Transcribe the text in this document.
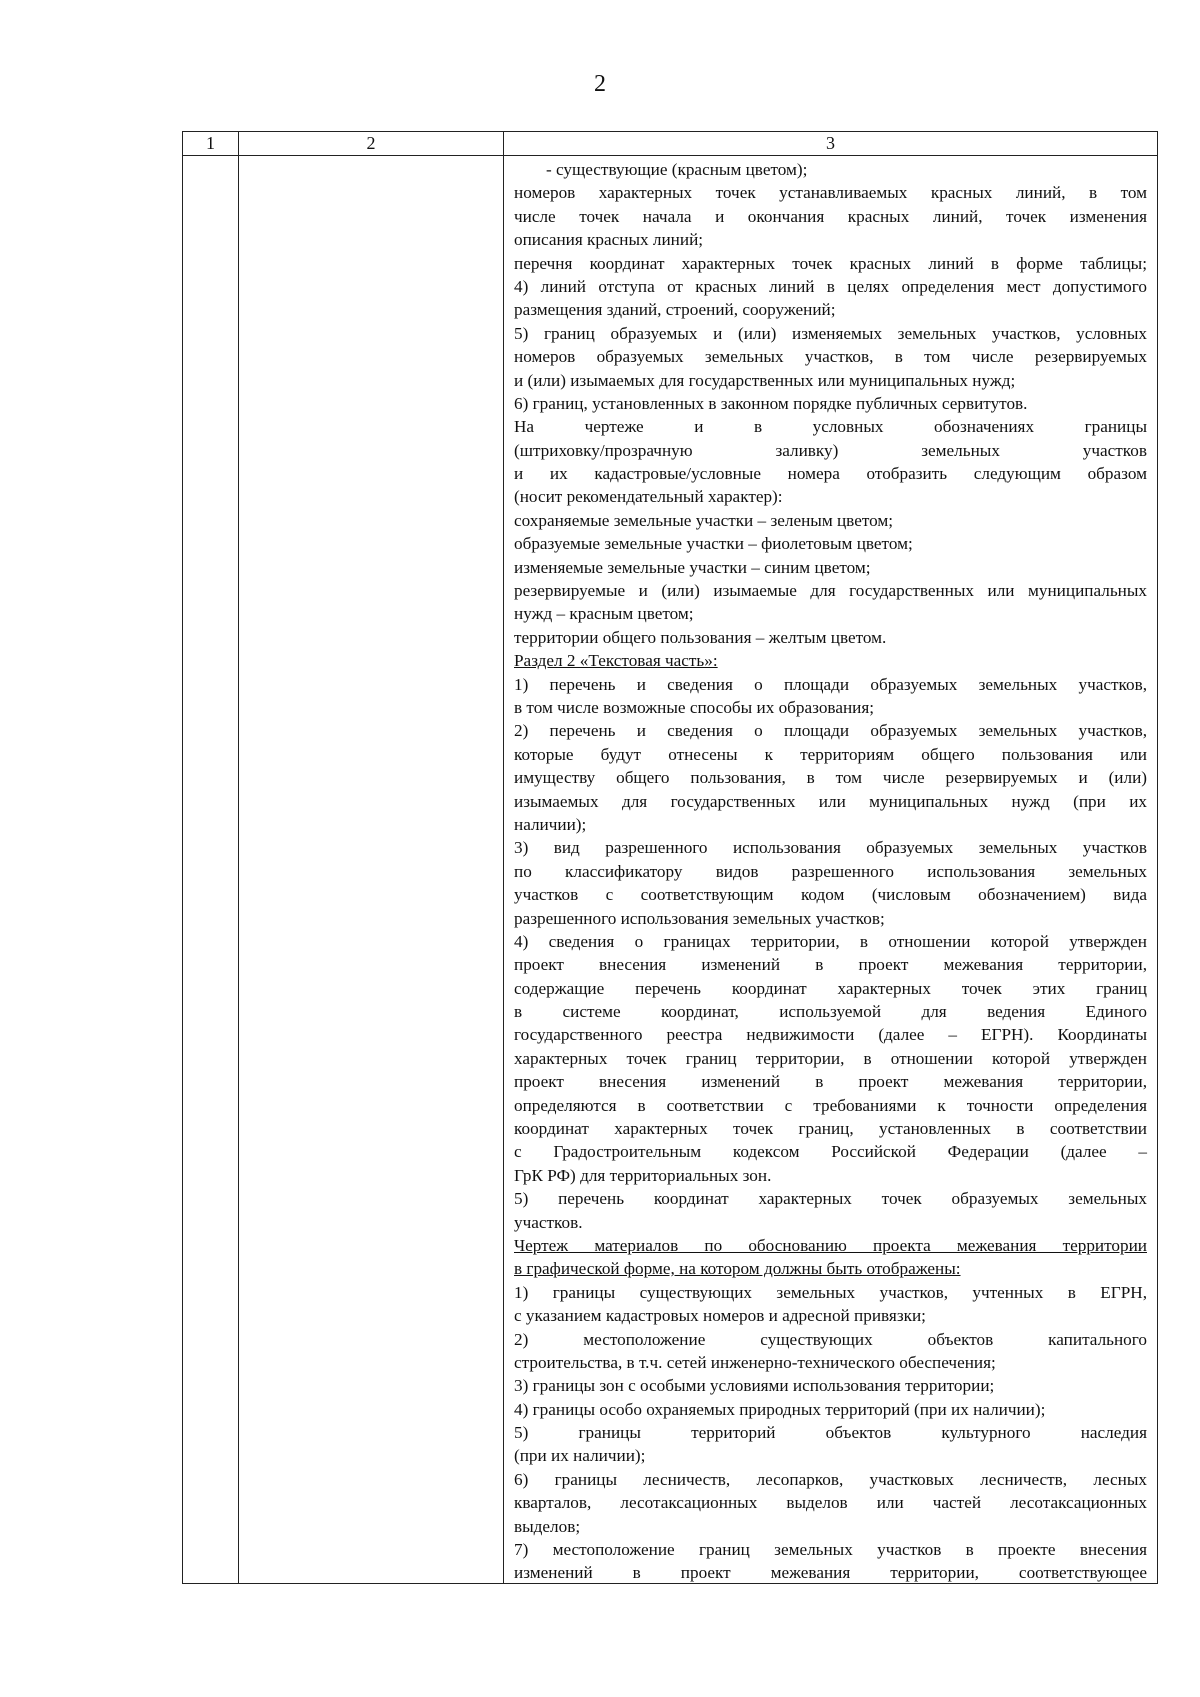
2
1	2	3
- существующие (красным цветом);
номеров характерных точек устанавливаемых красных линий, в том
числе точек начала и окончания красных линий, точек изменения
описания красных линий;
перечня координат характерных точек красных линий в форме таблицы;
4) линий отступа от красных линий в целях определения мест допустимого
размещения зданий, строений, сооружений;
5) границ образуемых и (или) изменяемых земельных участков, условных
номеров образуемых земельных участков, в том числе резервируемых
и (или) изымаемых для государственных или муниципальных нужд;
6) границ, установленных в законном порядке публичных сервитутов.
На чертеже и в условных обозначениях границы
(штриховку/прозрачную заливку) земельных участков
и их кадастровые/условные номера отобразить следующим образом
(носит рекомендательный характер):
сохраняемые земельные участки – зеленым цветом;
образуемые земельные участки – фиолетовым цветом;
изменяемые земельные участки – синим цветом;
резервируемые и (или) изымаемые для государственных или муниципальных
нужд – красным цветом;
территории общего пользования – желтым цветом.
Раздел 2 «Текстовая часть»:
1) перечень и сведения о площади образуемых земельных участков,
в том числе возможные способы их образования;
2) перечень и сведения о площади образуемых земельных участков,
которые будут отнесены к территориям общего пользования или
имуществу общего пользования, в том числе резервируемых и (или)
изымаемых для государственных или муниципальных нужд (при их
наличии);
3) вид разрешенного использования образуемых земельных участков
по классификатору видов разрешенного использования земельных
участков с соответствующим кодом (числовым обозначением) вида
разрешенного использования земельных участков;
4) сведения о границах территории, в отношении которой утвержден
проект внесения изменений в проект межевания территории,
содержащие перечень координат характерных точек этих границ
в системе координат, используемой для ведения Единого
государственного реестра недвижимости (далее – ЕГРН). Координаты
характерных точек границ территории, в отношении которой утвержден
проект внесения изменений в проект межевания территории,
определяются в соответствии с требованиями к точности определения
координат характерных точек границ, установленных в соответствии
с Градостроительным кодексом Российской Федерации (далее –
ГрК РФ) для территориальных зон.
5) перечень координат характерных точек образуемых земельных
участков.
Чертеж материалов по обоснованию проекта межевания территории
в графической форме, на котором должны быть отображены:
1) границы существующих земельных участков, учтенных в ЕГРН,
с указанием кадастровых номеров и адресной привязки;
2) местоположение существующих объектов капитального
строительства, в т.ч. сетей инженерно-технического обеспечения;
3) границы зон с особыми условиями использования территории;
4) границы особо охраняемых природных территорий (при их наличии);
5) границы территорий объектов культурного наследия
(при их наличии);
6) границы лесничеств, лесопарков, участковых лесничеств, лесных
кварталов, лесотаксационных выделов или частей лесотаксационных
выделов;
7) местоположение границ земельных участков в проекте внесения
изменений в проект межевания территории, соответствующее
